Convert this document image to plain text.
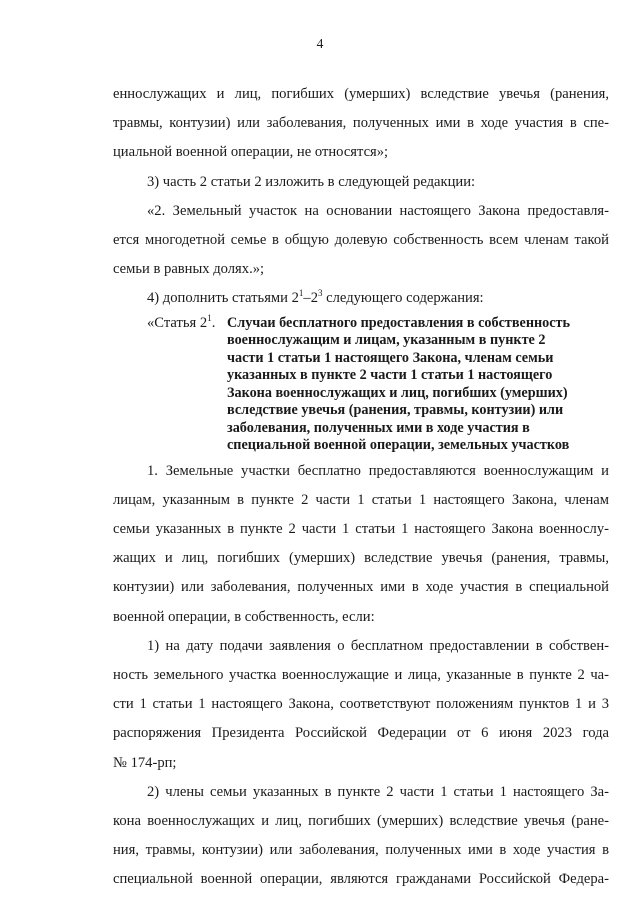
4

еннослужащих и лиц, погибших (умерших) вследствие увечья (ранения,
травмы, контузии) или заболевания, полученных ими в ходе участия в спе-
циальной военной операции, не относятся»;

3) часть 2 статьи 2 изложить в следующей редакции:

«2. Земельный участок на основании настоящего Закона предоставля-
ется многодетной семье в общую долевую собственность всем членам такой
семьи в равных долях.»;

4) дополнить статьями $2^1-2^3$ следующего содержания:

«Статья $2^1$. Случаи бесплатного предоставления в собственность
военнослужащим и лицам, указанным в пункте 2
части 1 статьи 1 настоящего Закона, членам семьи
указанных в пункте 2 части 1 статьи 1 настоящего
Закона военнослужащих и лиц, погибших (умерших)
вследствие увечья (ранения, травмы, контузии) или
заболевания, полученных ими в ходе участия в
специальной военной операции, земельных участков

1. Земельные участки бесплатно предоставляются военнослужащим и
лицам, указанным в пункте 2 части 1 статьи 1 настоящего Закона, членам
семьи указанных в пункте 2 части 1 статьи 1 настоящего Закона военнослу-
жащих и лиц, погибших (умерших) вследствие увечья (ранения, травмы,
контузии) или заболевания, полученных ими в ходе участия в специальной
военной операции, в собственность, если:

1) на дату подачи заявления о бесплатном предоставлении в собствен-
ность земельного участка военнослужащие и лица, указанные в пункте 2 ча-
сти 1 статьи 1 настоящего Закона, соответствуют положениям пунктов 1 и 3
распоряжения Президента Российской Федерации от 6 июня 2023 года
№ 174-рп;

2) члены семьи указанных в пункте 2 части 1 статьи 1 настоящего За-
кона военнослужащих и лиц, погибших (умерших) вследствие увечья (ране-
ния, травмы, контузии) или заболевания, полученных ими в ходе участия в
специальной военной операции, являются гражданами Российской Федера-
